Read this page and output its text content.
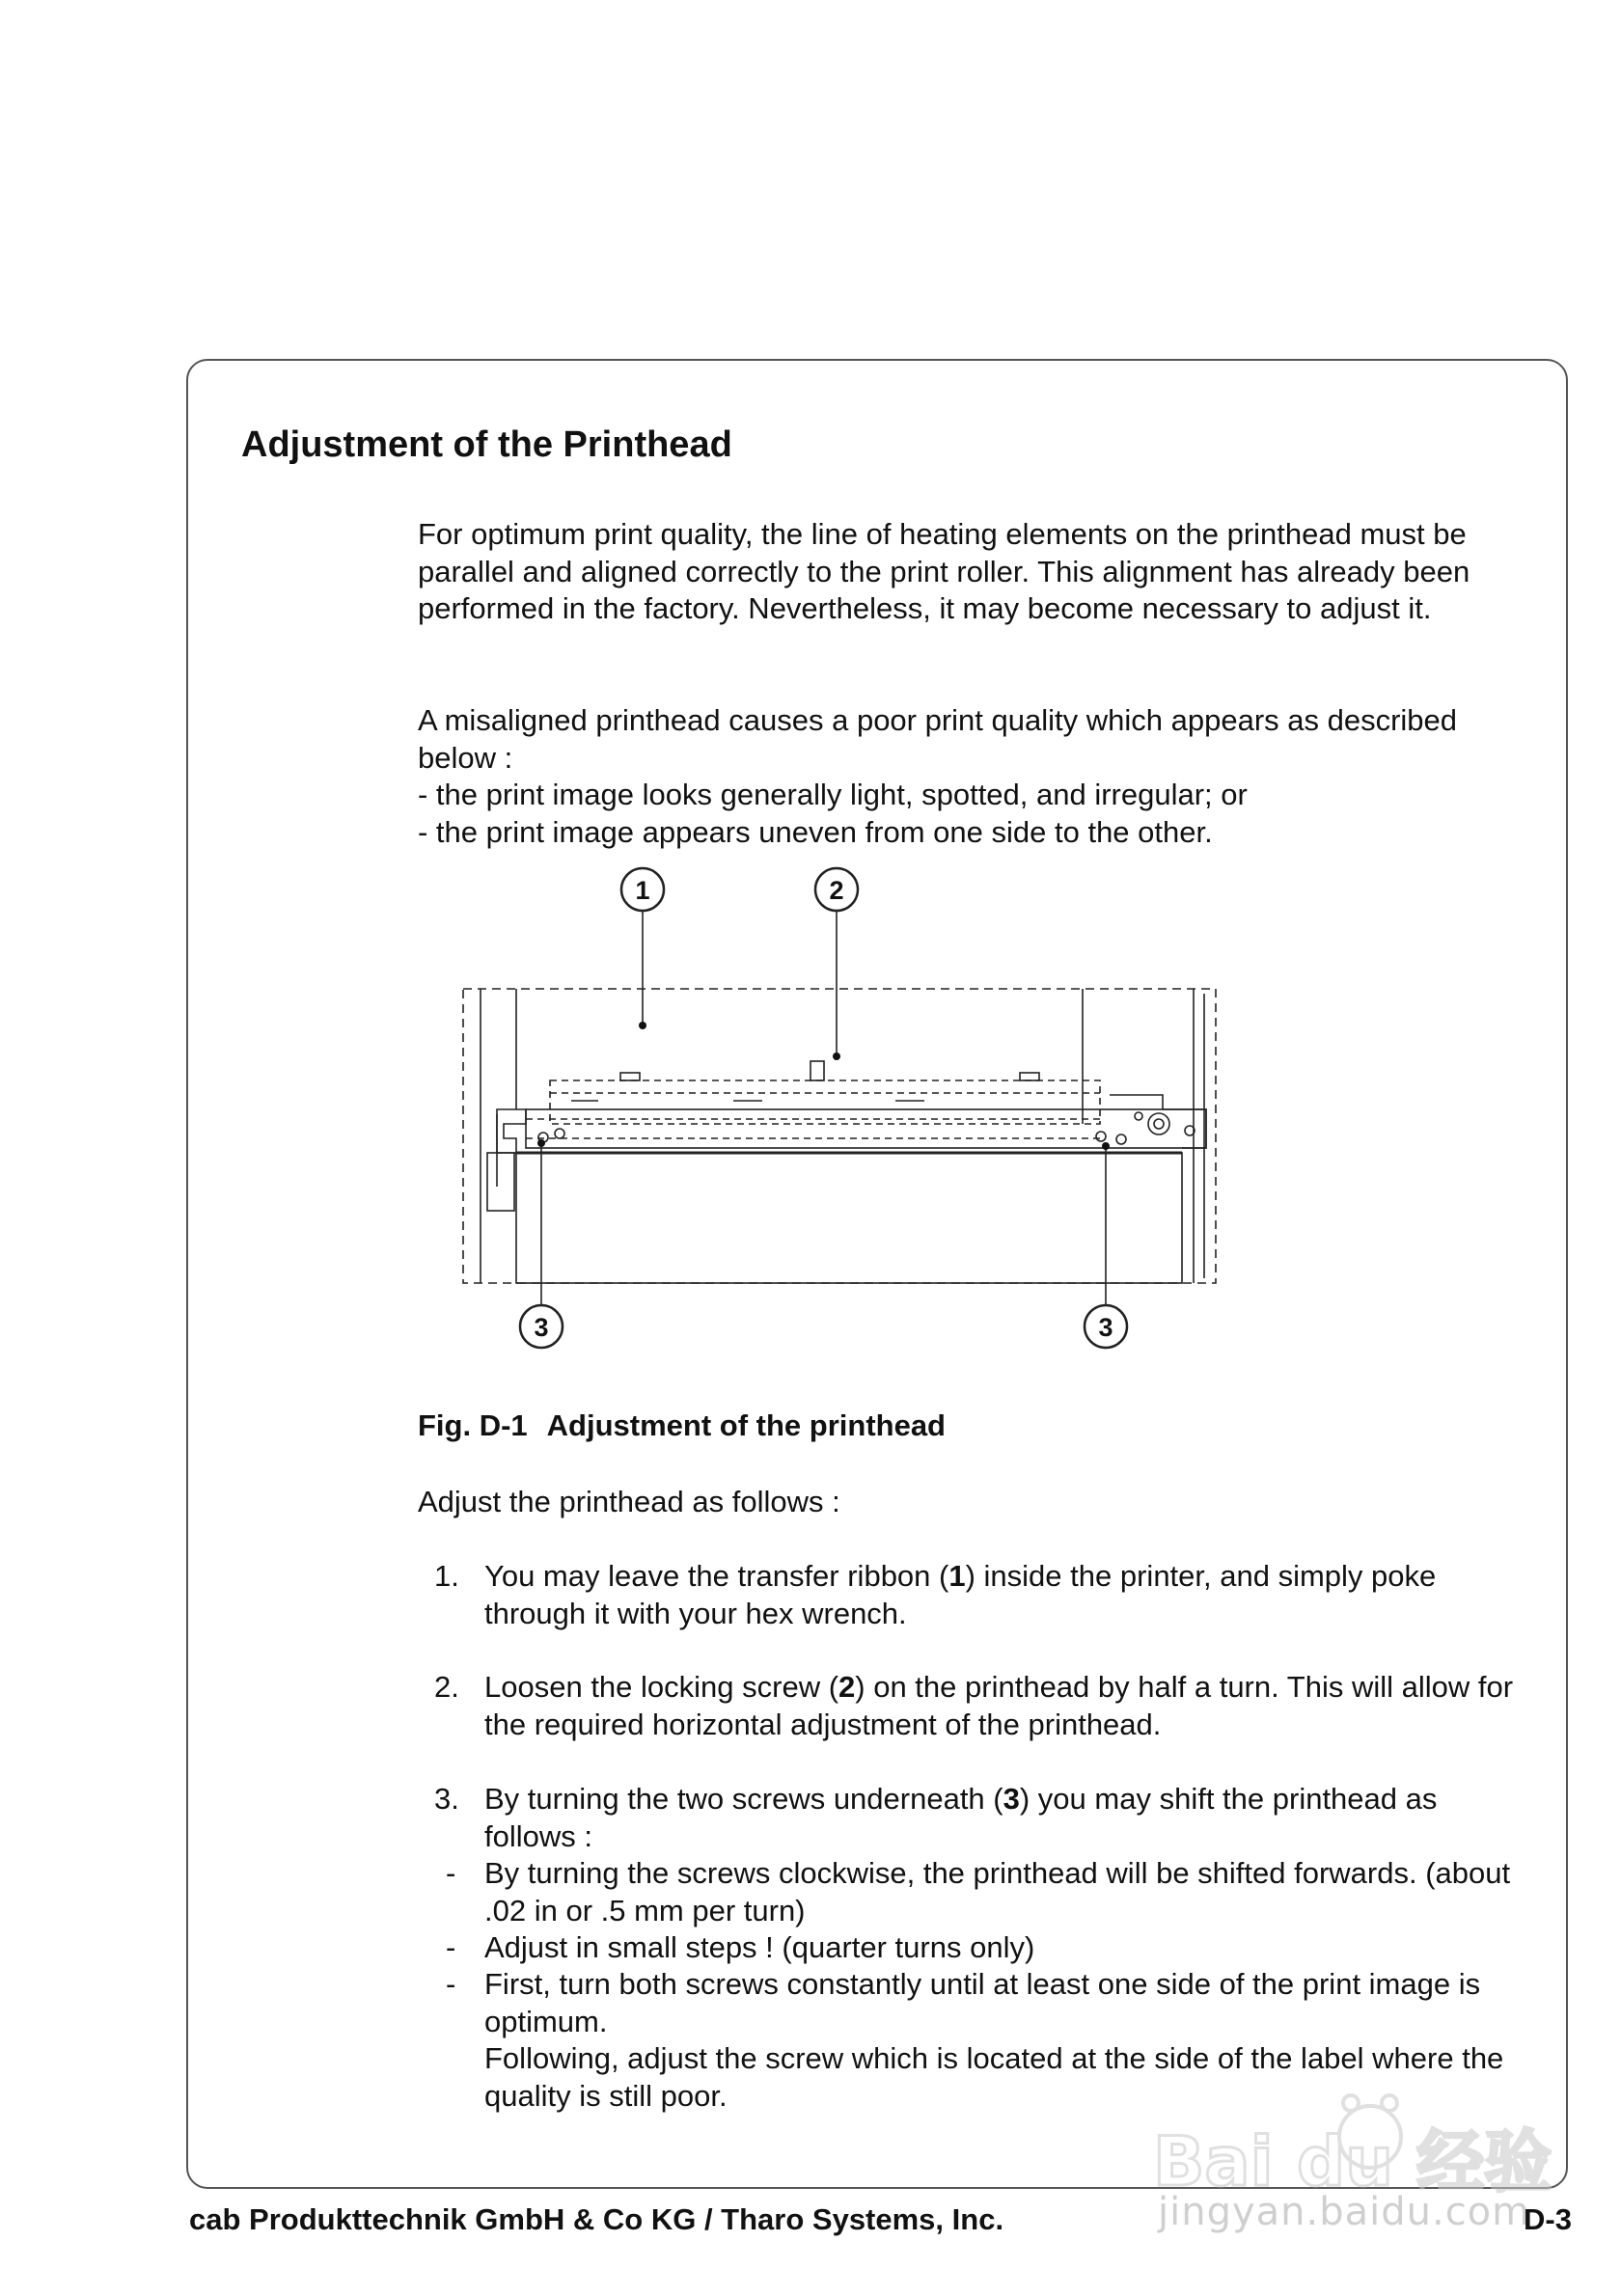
Adjustment of the Printhead

For optimum print quality, the line of heating elements on the printhead must be parallel and aligned correctly to the print roller. This alignment has already been performed in the factory. Nevertheless, it may become necessary to adjust it.

A misaligned printhead causes a poor print quality which appears as described below :
- the print image looks generally light, spotted, and irregular; or
- the print image appears uneven from one side to the other.
1	2
3	3

Fig. D-1 Adjustment of the printhead

Adjust the printhead as follows :

1. You may leave the transfer ribbon (1) inside the printer, and simply poke through it with your hex wrench.
2. Loosen the locking screw (2) on the printhead by half a turn. This will allow for the required horizontal adjustment of the printhead.
3. By turning the two screws underneath (3) you may shift the printhead as follows :
- By turning the screws clockwise, the printhead will be shifted forwards. (about .02 in or .5 mm per turn)
- Adjust in small steps ! (quarter turns only)
- First, turn both screws constantly until at least one side of the print image is optimum.
Following, adjust the screw which is located at the side of the label where the quality is still poor.
Bai du 经验
jingyan.baidu.com
cab Produkttechnik GmbH & Co KG / Tharo Systems, Inc.	D-3
